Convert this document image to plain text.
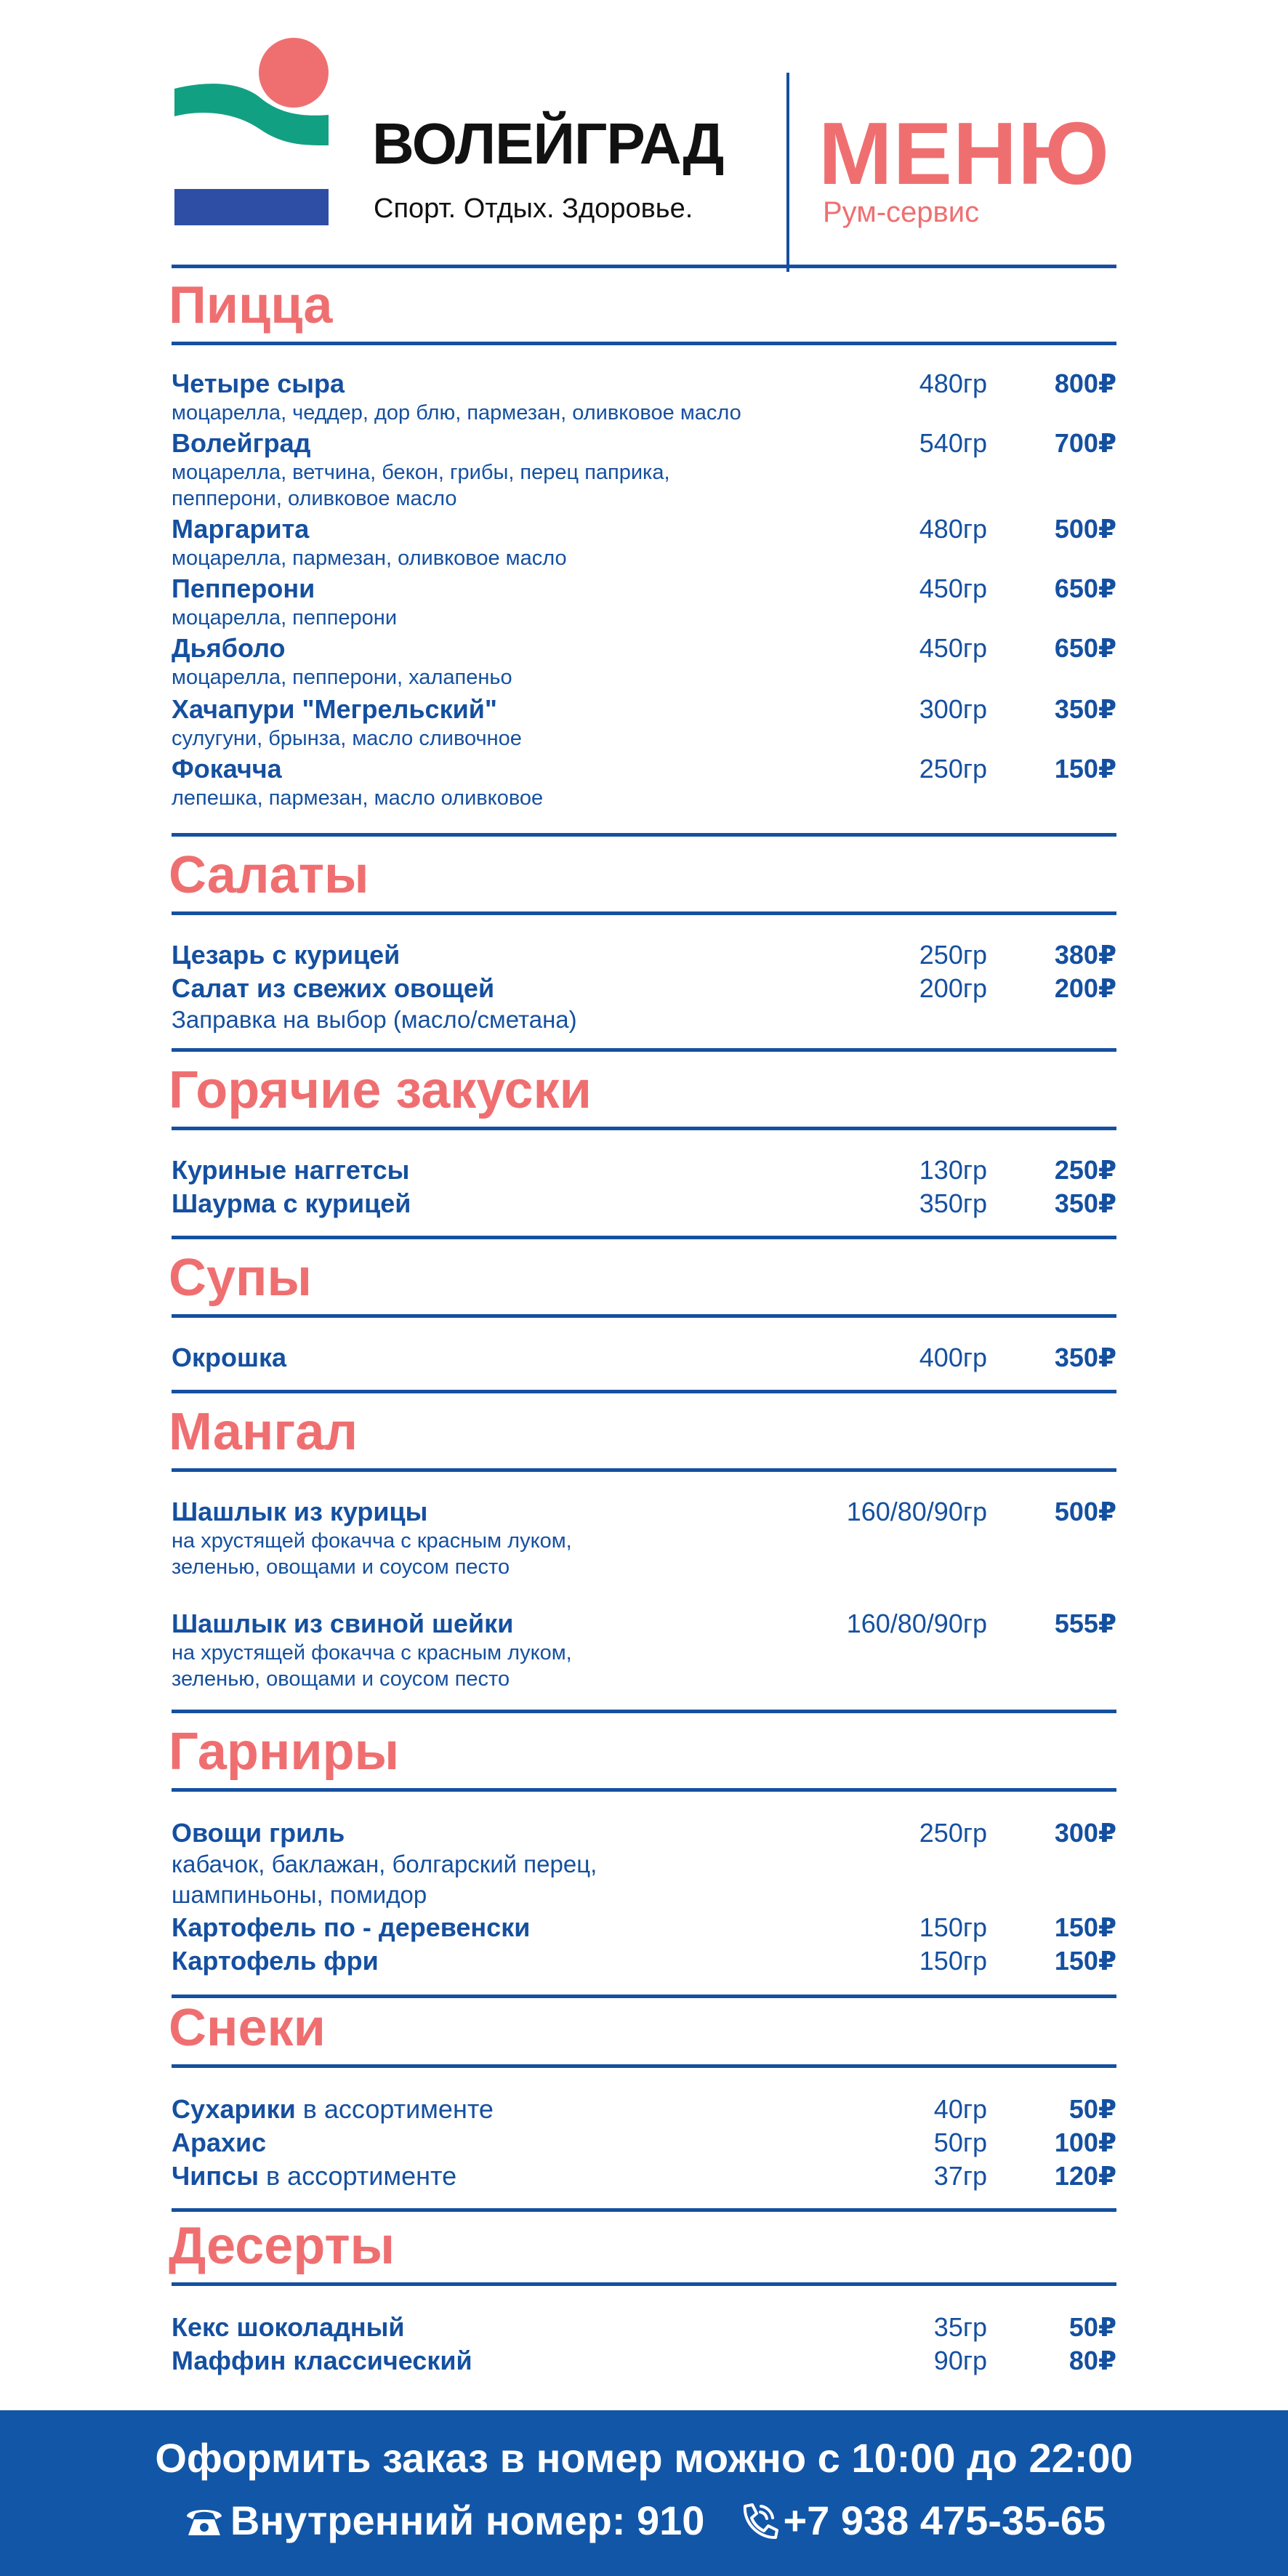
ВОЛЕЙГРАД
Спорт. Отдых. Здоровье.
МЕНЮ
Рум-сервис
Пицца
Четыре сыра	480гр	800₽
моцарелла, чеддер, дор блю, пармезан, оливковое масло
Волейград	540гр	700₽
моцарелла, ветчина, бекон, грибы, перец паприка,
пепперони, оливковое масло
Маргарита	480гр	500₽
моцарелла, пармезан, оливковое масло
Пепперони	450гр	650₽
моцарелла, пепперони
Дьяболо	450гр	650₽
моцарелла, пепперони, халапеньо
Хачапури "Мегрельский"	300гр	350₽
сулугуни, брынза, масло сливочное
Фокачча	250гр	150₽
лепешка, пармезан, масло оливковое
Салаты
Цезарь с курицей	250гр	380₽
Салат из свежих овощей	200гр	200₽
Заправка на выбор (масло/сметана)
Горячие закуски
Куриные наггетсы	130гр	250₽
Шаурма с курицей	350гр	350₽
Супы
Окрошка	400гр	350₽
Мангал
Шашлык из курицы	160/80/90гр	500₽
на хрустящей фокачча с красным луком,
зеленью, овощами и соусом песто
Шашлык из свиной шейки	160/80/90гр	555₽
на хрустящей фокачча с красным луком,
зеленью, овощами и соусом песто
Гарниры
Овощи гриль	250гр	300₽
кабачок, баклажан, болгарский перец,
шампиньоны, помидор
Картофель по - деревенски	150гр	150₽
Картофель фри	150гр	150₽
Снеки
Сухарики в ассортименте	40гр	50₽
Арахис	50гр	100₽
Чипсы в ассортименте	37гр	120₽
Десерты
Кекс шоколадный	35гр	50₽
Маффин классический	90гр	80₽
Оформить заказ в номер можно с 10:00 до 22:00
Внутренний номер: 910 +7 938 475-35-65
